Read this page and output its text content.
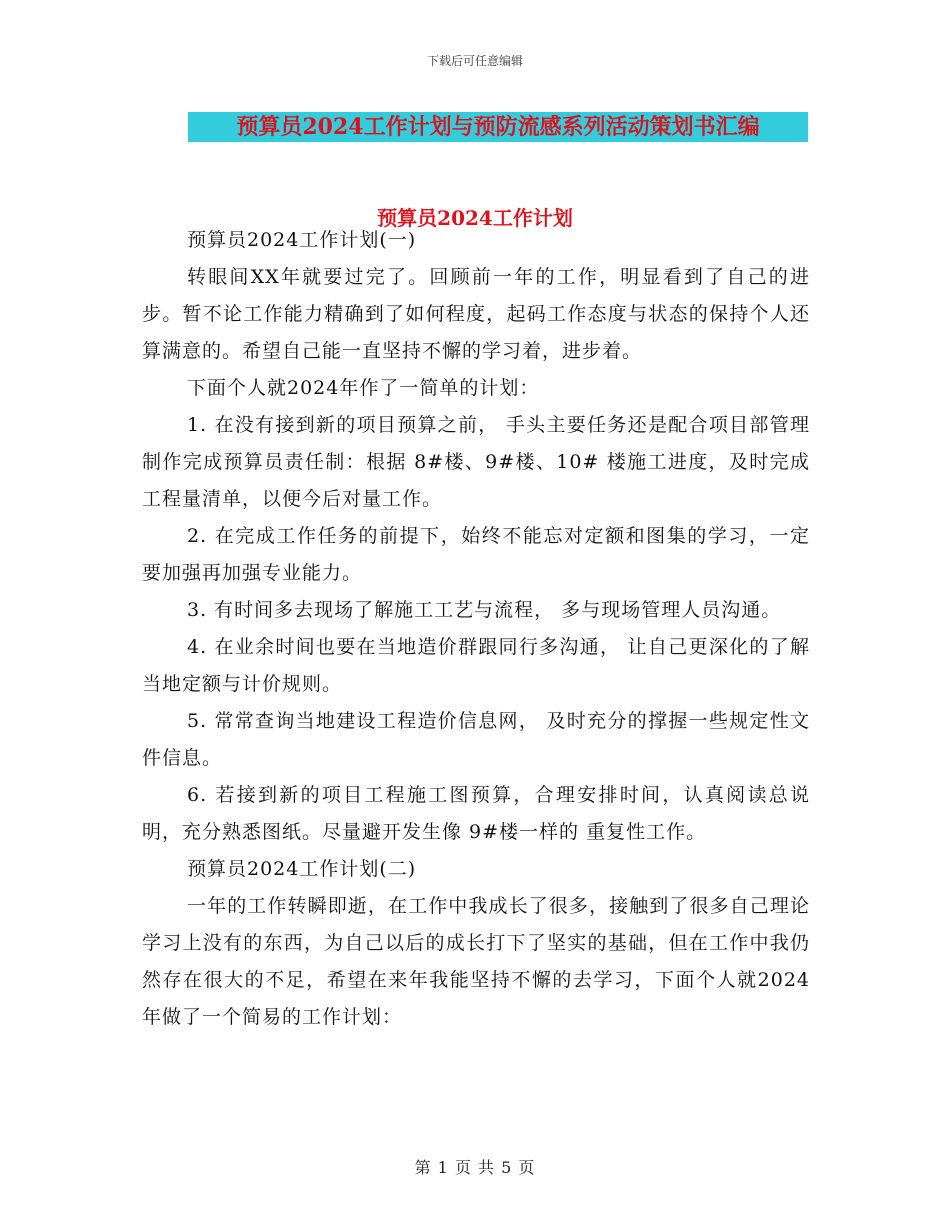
下载后可任意编辑
预算员2024工作计划与预防流感系列活动策划书汇编
预算员2024工作计划

预算员2024工作计划(一)

转眼间XX年就要过完了。回顾前一年的工作，明显看到了自己的进步。暂不论工作能力精确到了如何程度，起码工作态度与状态的保持个人还算满意的。希望自己能一直坚持不懈的学习着，进步着。

下面个人就2024年作了一简单的计划：

1. 在没有接到新的项目预算之前， 手头主要任务还是配合项目部管理制作完成预算员责任制：根据 8#楼、9#楼、10# 楼施工进度，及时完成工程量清单，以便今后对量工作。

2. 在完成工作任务的前提下，始终不能忘对定额和图集的学习，一定要加强再加强专业能力。

3. 有时间多去现场了解施工工艺与流程， 多与现场管理人员沟通。

4. 在业余时间也要在当地造价群跟同行多沟通， 让自己更深化的了解当地定额与计价规则。

5. 常常查询当地建设工程造价信息网， 及时充分的撑握一些规定性文件信息。

6. 若接到新的项目工程施工图预算，合理安排时间，认真阅读总说明，充分熟悉图纸。尽量避开发生像 9#楼一样的 重复性工作。

预算员2024工作计划(二)

一年的工作转瞬即逝，在工作中我成长了很多，接触到了很多自己理论学习上没有的东西，为自己以后的成长打下了坚实的基础，但在工作中我仍然存在很大的不足，希望在来年我能坚持不懈的去学习，下面个人就2024年做了一个简易的工作计划：

第 1 页 共 5 页
